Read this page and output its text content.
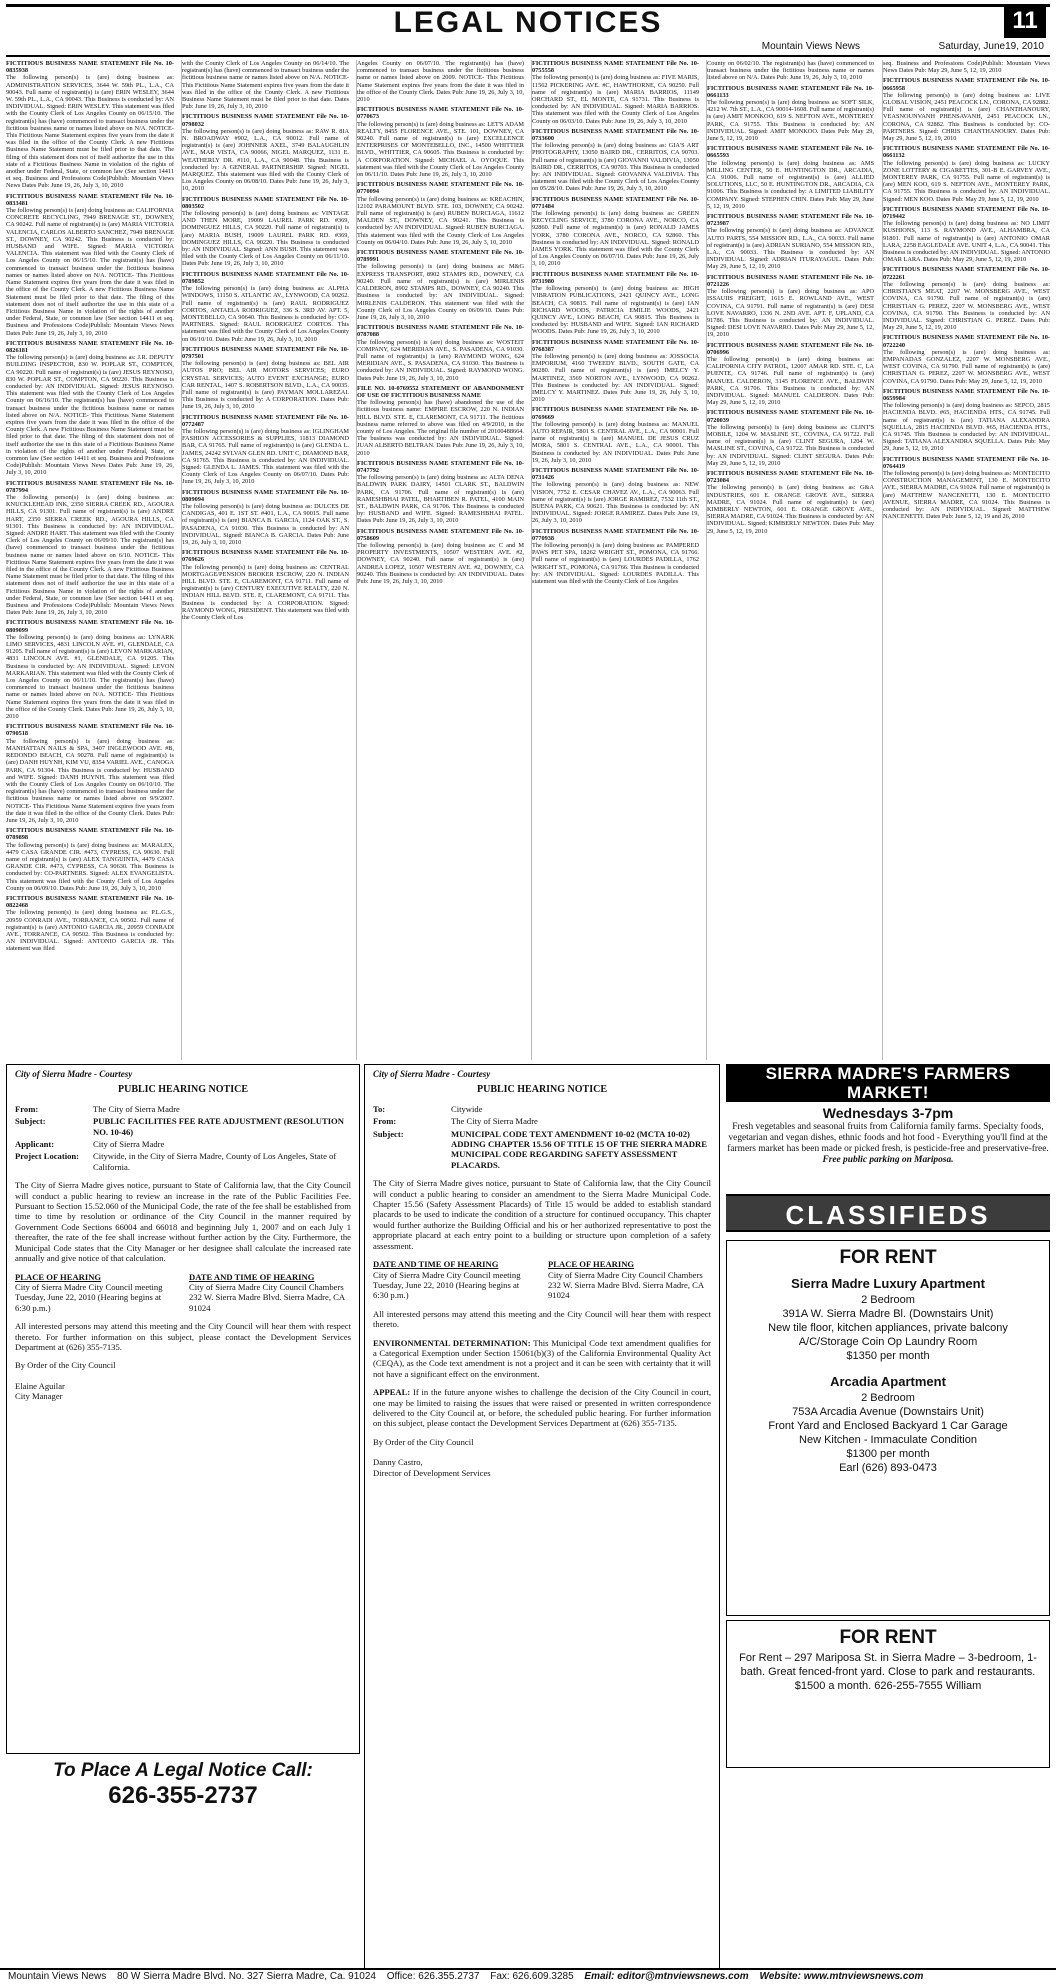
LEGAL NOTICES	11
Mountain Views News	Saturday, June19, 2010
FICTITIOUS BUSINESS NAME STATEMENT File No. 10-0835938
The following person(s) is (are) doing business as: ADMINISTRATION SERVICES, 3644 W. 59th PL., L.A., CA 90043. Full name of registrant(s) is (are) ERIN WESLEY, 3644 W. 59th PL., L.A., CA 90043. This Business is conducted by: AN INDIVIDUAL. Signed: ERIN WESLEY. This statement was filed with the County Clerk of Los Angeles County on 06/15/10. The registrant(s) has (have) commenced to transact business under the fictitious business name or names listed above on N/A. NOTICE- This Fictitious Name Statement expires five years from the date it was filed in the office of the County Clerk. A new Fictitious Business Name Statement must be filed prior to that date. The filing of this statement does not of itself authorize the use in this state of a Fictitious Business Name in violation of the rights of another under Federal, State, or common law (See section 14411 et seq. Business and Professions Code)Publish: Mountain Views News Dates Pub: June 19, 26, July 3, 10, 2010
FICTITIOUS BUSINESS NAME STATEMENT File No. 10-0833481
The following person(s) is (are) doing business as: CALIFORNIA CONCRETE RECYCLING, 7949 BRENAGE ST., DOWNEY, CA 90242. Full name of registrant(s) is (are) MARIA VICTORIA VALENCIA, CARLOS ALBERTO SANCHEZ, 7949 BRENAGE ST., DOWNEY, CA 90242. This Business is conducted by: HUSBAND and WIFE. Signed: MARIA VICTORIA VALENCIA. This statement was filed with the County Clerk of Los Angeles County on 06/15/10. The registrant(s) has (have) commenced to transact business under the fictitious business names or names listed above on N/A. NOTICE- This Fictitious Name Statement expires five years from the date it was filed in the office of the County Clerk. A new Fictitious Business Name Statement must be filed prior to that date. The filing of this statement does not of itself authorize the use in this state of a Fictitious Business Name in violation of the rights of another under Federal, State, or common law (See section 14411 et seq. Business and Professions Code)Publish: Mountain Views News Dates Pub: June 19, 26, July 3, 10, 2010
FICTITIOUS BUSINESS NAME STATEMENT File No. 10-0826181
The following person(s) is (are) doing business as: J.R. DEPUTY BUILDING INSPECTOR, 830 W. POPLAR ST., COMPTON, CA 90220. Full name of registrant(s) is (are) JESUS REYNOSO, 830 W. POPLAR ST., COMPTON, CA 90220. This Business is conducted by: AN INDIVIDUAL. Signed: JESUS REYNOSO. This statement was filed with the County Clerk of Los Angeles County on 06/16/10. The registrant(s) has (have) commenced to transact business under the fictitious business name or names listed above on N/A. NOTICE- This Fictitious Name Statement expires five years from the date it was filed in the office of the County Clerk. A new Fictitious Business Name Statement must be filed prior to that date. The filing of this statement does not of itself authorize the use in this state of a Fictitious Business Name in violation of the rights of another under Federal, State, or common law (See section 14411 et seq. Business and Professions Code)Publish: Mountain Views News Dates Pub: June 19, 26, July 3, 10, 2010
FICTITIOUS BUSINESS NAME STATEMENT File No. 10-0787994
The following person(s) is (are) doing business as: KNUCKLEHEAD INK, 2350 SIERRA CREEK RD., AGOURA HILLS, CA 91301. Full name of registrant(s) is (are) ANDRE HART, 2350 SIERRA CREEK RD., AGOURA HILLS, CA 91301. This Business is conducted by: AN INDIVIDUAL. Signed: ANDRE HART. This statement was filed with the County Clerk of Los Angeles County on 06/09/10. The registrant(s) has (have) commenced to transact business under the fictitious business name or names listed above on 6/10. NOTICE- This Fictitious Name Statement expires five years from the date it was filed in the office of the County Clerk. A new Fictitious Business Name Statement must be filed prior to that date. The filing of this statement does not of itself authorize the use in this state of a Fictitious Business Name in violation of the rights of another under Federal, State, or common law (See section 14411 et seq. Business and Professions Code)Publish: Mountain Views News Dates Pub: June 19, 26, July 3, 10, 2010
FICTITIOUS BUSINESS NAME STATEMENT File No. 10-0809099
The following person(s) is (are) doing business as: LYNARK LIMO SERVICES, 4831 LINCOLN AVE. #1, GLENDALE, CA 91205. Full name of registrant(s) is (are) LEVON MARKARIAN, 4831 LINCOLN AVE. #1, GLENDALE, CA 91205. This Business is conducted by: AN INDIVIDUAL. Signed: LEVON MARKARIAN. This statement was filed with the County Clerk of Los Angeles County on 06/11/10. The registrant(s) has (have) commenced to transact business under the fictitious business name or names listed above on N/A. NOTICE- This Fictitious Name Statement expires five years from the date it was filed in the office of the County Clerk. Dates Pub: June 19, 26, July 3, 10, 2010
FICTITIOUS BUSINESS NAME STATEMENT File No. 10-0790518
The following person(s) is (are) doing business as: MANHATTAN NAILS & SPA, 3407 INGLEWOOD AVE. #B, REDONDO BEACH, CA 90278. Full name of registrant(s) is (are) DANH HUYNH, KIM VU, 8354 VARIEL AVE., CANOGA PARK, CA 91304. This Business is conducted by: HUSBAND and WIFE. Signed: DANH HUYNH. This statement was filed with the County Clerk of Los Angeles County on 06/10/10. The registrant(s) has (have) commenced to transact business under the fictitious business name or names listed above on 9/9/2007. NOTICE- This Fictitious Name Statement expires five years from the date it was filed in the office of the County Clerk. Dates Pub: June 19, 26, July 3, 10, 2010
FICTITIOUS BUSINESS NAME STATEMENT File No. 10-0789898
The following person(s) is (are) doing business as: MARALEX, 4479 CASA GRANDE CIR. #473, CYPRESS, CA 90630. Full name of registrant(s) is (are) ALEX TANGUINTA, 4479 CASA GRANDE CIR. #473, CYPRESS, CA 90630. This Business is conducted by: CO-PARTNERS. Signed: ALEX EVANGELISTA. This statement was filed with the County Clerk of Los Angeles County on 06/09/10. Dates Pub: June 19, 26, July 3, 10, 2010
FICTITIOUS BUSINESS NAME STATEMENT File No. 10-0822468
The following person(s) is (are) doing business as: P.L.G.S., 20959 CONRADI AVE., TORRANCE, CA 90502. Full name of registrant(s) is (are) ANTONIO GARCIA JR., 20959 CONRADI AVE., TORRANCE, CA 90502. This Business is conducted by: AN INDIVIDUAL. Signed: ANTONIO GARCIA JR. This statement was filed
with the County Clerk of Los Angeles County on 06/14/10. The registrant(s) has (have) commenced to transact business under the fictitious business name or names listed above on N/A. NOTICE- This Fictitious Name Statement expires five years from the date it was filed in the office of the County Clerk. A new Fictitious Business Name Statement must be filed prior to that date. Dates Pub: June 19, 26, July 3, 10, 2010
FICTITIOUS BUSINESS NAME STATEMENT File No. 10-0798032
The following person(s) is (are) doing business as: RAW R. 8IA N. BROADWAY #902, L.A., CA 90012. Full name of registrant(s) is (are) JOHNNER AXEL, 3749 BALAUGHLIN AVE., MAR VISTA, CA 90066, NIGEL MARQUEZ, 1131 E. WEATHERLY DR. #110, L.A., CA 90048. This Business is conducted by: A GENERAL PARTNERSHIP. Signed: NIGEL MARQUEZ. This statement was filed with the County Clerk of Los Angeles County on 06/08/10. Dates Pub: June 19, 26, July 3, 10, 2010
FICTITIOUS BUSINESS NAME STATEMENT File No. 10-0803502
The following person(s) is (are) doing business as: VINTAGE AND THEN MORE, 19009 LAUREL PARK RD. #369, DOMINGUEZ HILLS, CA 90220. Full name of registrant(s) is (are) MARIA BUSH, 19009 LAUREL PARK RD. #369, DOMINGUEZ HILLS, CA 90220. This Business is conducted by: AN INDIVIDUAL. Signed: ANN BUSH. This statement was filed with the County Clerk of Los Angeles County on 06/11/10. Dates Pub: June 19, 26, July 3, 10, 2010
FICTITIOUS BUSINESS NAME STATEMENT File No. 10-0789852
The following person(s) is (are) doing business as: ALPHA WINDOWS, 11150 S. ATLANTIC AV., LYNWOOD, CA 90262. Full name of registrant(s) is (are) RAUL RODRIGUEZ CORTOS, ANTAELA RODRIGUEZ, 336 S. 3RD AV. APT. 5, MONTEBELLO, CA 90640. This Business is conducted by: CO-PARTNERS. Signed: RAUL RODRIGUEZ CORTOS. This statement was filed with the County Clerk of Los Angeles County on 06/10/10. Dates Pub: June 19, 26, July 3, 10, 2010
FICTITIOUS BUSINESS NAME STATEMENT File No. 10-0797501
The following person(s) is (are) doing business as: BEL AIR AUTOS PRO; BEL AIR MOTORS SERVICES; EURO CRYSTAL SERVICES; AUTO EVENT EXCHANGE; EURO CAR RENTAL, 1407 S. ROBERTSON BLVD., L.A., CA 90035. Full name of registrant(s) is (are) PAYMAN MOLLAREZAI. This Business is conducted by: A CORPORATION. Dates Pub: June 19, 26, July 3, 10, 2010
FICTITIOUS BUSINESS NAME STATEMENT File No. 10-0772487
The following person(s) is (are) doing business as: IGLINGHAM FASHION ACCESSORIES & SUPPLIES, 11813 DIAMOND BAR, CA 91765. Full name of registrant(s) is (are) GLENDA L. JAMES, 24242 SYLVAN GLEN RD. UNIT C, DIAMOND BAR, CA 91765. This Business is conducted by: AN INDIVIDUAL. Signed: GLENDA L. JAMES. This statement was filed with the County Clerk of Los Angeles County on 06/07/10. Dates Pub: June 19, 26, July 3, 10, 2010
FICTITIOUS BUSINESS NAME STATEMENT File No. 10-0809094
The following person(s) is (are) doing business as: DULCES DE CANDIGAS, 401 E. 1ST ST. #401, L.A., CA 90015. Full name of registrant(s) is (are) BIANCA B. GARCIA, 1124 OAK ST., S. PASADENA, CA 91030. This Business is conducted by: AN INDIVIDUAL. Signed: BIANCA B. GARCIA. Dates Pub: June 19, 26, July 3, 10, 2010
FICTITIOUS BUSINESS NAME STATEMENT File No. 10-0769626
The following person(s) is (are) doing business as: CENTRAL MORTGAGE/PENSION BROKER ESCROW, 220 N. INDIAN HILL BLVD. STE. E, CLAREMONT, CA 91711. Full name of registrant(s) is (are) CENTURY EXECUTIVE REALTY, 220 N. INDIAN HILL BLVD. STE. E, CLAREMONT, CA 91711. This Business is conducted by: A CORPORATION. Signed: RAYMOND WONG, PRESIDENT. This statement was filed with the County Clerk of Los
Angeles County on 06/07/10. The registrant(s) has (have) commenced to transact business under the fictitious business name or names listed above on 2009. NOTICE- This Fictitious Name Statement expires five years from the date it was filed in the office of the County Clerk. Dates Pub: June 19, 26, July 3, 10, 2010
FICTITIOUS BUSINESS NAME STATEMENT File No. 10-0770673
The following person(s) is (are) doing business as: LET'S ADAM REALTY, 8455 FLORENCE AVE., STE. 101, DOWNEY, CA 90240. Full name of registrant(s) is (are) EXCELLENCE ENTERPRISES OF MONTEBELLO, INC., 14500 WHITTIER BLVD., WHITTIER, CA 90605. This Business is conducted by: A CORPORATION. Signed: MICHAEL A. OYOQUE. This statement was filed with the County Clerk of Los Angeles County on 06/11/10. Dates Pub: June 19, 26, July 3, 10, 2010
FICTITIOUS BUSINESS NAME STATEMENT File No. 10-0770094
The following person(s) is (are) doing business as: KREACHIN, 12102 PARAMOUNT BLVD. STE. 103, DOWNEY, CA 90242. Full name of registrant(s) is (are) RUBEN BURCIAGA, 11612 MALDEN ST., DOWNEY, CA 90241. This Business is conducted by: AN INDIVIDUAL. Signed: RUBEN BURCIAGA. This statement was filed with the County Clerk of Los Angeles County on 06/04/10. Dates Pub: June 19, 26, July 3, 10, 2010
FICTITIOUS BUSINESS NAME STATEMENT File No. 10-0789991
The following person(s) is (are) doing business as: M&G EXPRESS TRANSPORT, 8902 STAMPS RD., DOWNEY, CA 90240. Full name of registrant(s) is (are) MIRLENIS CALDERON, 8902 STAMPS RD., DOWNEY, CA 90240. This Business is conducted by: AN INDIVIDUAL. Signed: MIRLENIS CALDERON. This statement was filed with the County Clerk of Los Angeles County on 06/09/10. Dates Pub: June 19, 26, July 3, 10, 2010
FICTITIOUS BUSINESS NAME STATEMENT File No. 10-0787088
The following person(s) is (are) doing business as: WOSTEIT COMPANY, 624 MERIDIAN AVE., S. PASADENA, CA 91030. Full name of registrant(s) is (are) RAYMOND WONG, 624 MERIDIAN AVE., S. PASADENA, CA 91030. This Business is conducted by: AN INDIVIDUAL. Signed: RAYMOND WONG. Dates Pub: June 19, 26, July 3, 10, 2010
FILE NO. 10-0769552 STATEMENT OF ABANDONMENT OF USE OF FICTITIOUS BUSINESS NAME
The following person(s) has (have) abandoned the use of the fictitious business name: EMPIRE ESCROW, 220 N. INDIAN HILL BLVD. STE. E, CLAREMONT, CA 91711. The fictitious business name referred to above was filed on 4/9/2010, in the county of Los Angeles. The original file number of 20100488664. The business was conducted by: AN INDIVIDUAL. Signed: JUAN ALBERTO BELTRAN. Dates Pub: June 19, 26, July 3, 10, 2010
FICTITIOUS BUSINESS NAME STATEMENT File No. 10-0747792
The following person(s) is (are) doing business as: ALTA DENA BALDWIN PARK DAIRY, 14501 CLARK ST., BALDWIN PARK, CA 91706. Full name of registrant(s) is (are) RAMESHBHAI PATEL, BHARTIBEN R. PATEL, 4100 MAIN ST., BALDWIN PARK, CA 91706. This Business is conducted by: HUSBAND and WIFE. Signed: RAMESHBHAI PATEL. Dates Pub: June 19, 26, July 3, 10, 2010
FICTITIOUS BUSINESS NAME STATEMENT File No. 10-0758609
The following person(s) is (are) doing business as: C and M PROPERTY INVESTMENTS, 10507 WESTERN AVE. #2, DOWNEY, CA 90240. Full name of registrant(s) is (are) ANDREA LOPEZ, 10507 WESTERN AVE. #2, DOWNEY, CA 90240. This Business is conducted by: AN INDIVIDUAL. Dates Pub: June 19, 26, July 3, 10, 2010
FICTITIOUS BUSINESS NAME STATEMENT File No. 10-0755558
The following person(s) is (are) doing business as: FIVE MARIS, 11562 PICKERING AVE. #C, HAWTHORNE, CA 90250. Full name of registrant(s) is (are) MARIA BARRIOS, 11149 ORCHARD ST., EL MONTE, CA 91731. This Business is conducted by: AN INDIVIDUAL. Signed: MARIA BARRIOS. This statement was filed with the County Clerk of Los Angeles County on 06/03/10. Dates Pub: June 19, 26, July 3, 10, 2010
FICTITIOUS BUSINESS NAME STATEMENT File No. 10-0733600
The following person(s) is (are) doing business as: GIA'S ART PHOTOGRAPHY, 13050 BAIRD DR., CERRITOS, CA 90703. Full name of registrant(s) is (are) GIOVANNI VALDIVIA, 13050 BAIRD DR., CERRITOS, CA 90703. This Business is conducted by: AN INDIVIDUAL. Signed: GIOVANNA VALDIVIA. This statement was filed with the County Clerk of Los Angeles County on 05/28/10. Dates Pub: June 19, 26, July 3, 10, 2010
FICTITIOUS BUSINESS NAME STATEMENT File No. 10-0771484
The following person(s) is (are) doing business as: GREEN RECYCLING SERVICE, 3780 CORONA AVE., NORCO, CA 92860. Full name of registrant(s) is (are) RONALD JAMES YORK, 3780 CORONA AVE., NORCO, CA 92860. This Business is conducted by: AN INDIVIDUAL. Signed: RONALD JAMES YORK. This statement was filed with the County Clerk of Los Angeles County on 06/07/10. Dates Pub: June 19, 26, July 3, 10, 2010
FICTITIOUS BUSINESS NAME STATEMENT File No. 10-0731980
The following person(s) is (are) doing business as: HIGH VIBRATION PUBLICATIONS, 2421 QUINCY AVE., LONG BEACH, CA 90815. Full name of registrant(s) is (are) IAN RICHARD WOODS, PATRICIA EMILIE WOODS, 2421 QUINCY AVE., LONG BEACH, CA 90815. This Business is conducted by: HUSBAND and WIFE. Signed: IAN RICHARD WOODS. Dates Pub: June 19, 26, July 3, 10, 2010
FICTITIOUS BUSINESS NAME STATEMENT File No. 10-0768387
The following person(s) is (are) doing business as: JOSSOCIA EMPORIUM, 4160 TWEEDY BLVD., SOUTH GATE, CA 90280. Full name of registrant(s) is (are) IMELCY Y. MARTINEZ, 3569 NORTON AVE., LYNWOOD, CA 90262. This Business is conducted by: AN INDIVIDUAL. Signed: IMELCY Y. MARTINEZ. Dates Pub: June 19, 26, July 3, 10, 2010
FICTITIOUS BUSINESS NAME STATEMENT File No. 10-0769669
The following person(s) is (are) doing business as: MANUEL AUTO REPAIR, 5801 S. CENTRAL AVE., L.A., CA 90001. Full name of registrant(s) is (are) MANUEL DE JESUS CRUZ MORA, 5801 S. CENTRAL AVE., L.A., CA 90001. This Business is conducted by: AN INDIVIDUAL. Dates Pub: June 19, 26, July 3, 10, 2010
FICTITIOUS BUSINESS NAME STATEMENT File No. 10-0731426
The following person(s) is (are) doing business as: NEW VISION, 7752 E. CESAR CHAVEZ AV., L.A., CA 90063. Full name of registrant(s) is (are) JORGE RAMIREZ, 7532 11th ST., BUENA PARK, CA 90621. This Business is conducted by: AN INDIVIDUAL. Signed: JORGE RAMIREZ. Dates Pub: June 19, 26, July 3, 10, 2010
FICTITIOUS BUSINESS NAME STATEMENT File No. 10-0770938
The following person(s) is (are) doing business as: PAMPERED PAWS PET SPA, 18262 WRIGHT ST., POMONA, CA 91766. Full name of registrant(s) is (are) LOURDES PADILLA, 1762 WRIGHT ST., POMONA, CA 91766. This Business is conducted by: AN INDIVIDUAL. Signed: LOURDES PADILLA. This statement was filed with the County Clerk of Los Angeles
County on 06/02/10. The registrant(s) has (have) commenced to transact business under the fictitious business name or names listed above on N/A. Dates Pub: June 19, 26, July 3, 10, 2010
FICTITIOUS BUSINESS NAME STATEMENT File No. 10-0661133
The following person(s) is (are) doing business as: SOFT SILK, 4212 W. 7th ST., L.A., CA 90014-1608. Full name of registrant(s) is (are) AMIT MONKOO, 619 S. NEFTON AVE., MONTEREY PARK, CA 91755. This Business is conducted by: AN INDIVIDUAL. Signed: AMIT MONKOO. Dates Pub: May 29, June 5, 12, 19, 2010
FICTITIOUS BUSINESS NAME STATEMENT File No. 10-0665593
The following person(s) is (are) doing business as: AMS MILLING CENTER, 50 E. HUNTINGTON DR., ARCADIA, CA 91006. Full name of registrant(s) is (are) ALLIED SOLUTIONS, LLC, 50 E. HUNTINGTON DR., ARCADIA, CA 91006. This Business is conducted by: A LIMITED LIABILITY COMPANY. Signed: STEPHEN CHIN. Dates Pub: May 29, June 5, 12, 19, 2010
FICTITIOUS BUSINESS NAME STATEMENT File No. 10-0723987
The following person(s) is (are) doing business as: ADVANCE AUTO PARTS, 554 MISSION RD., L.A., CA 90033. Full name of registrant(s) is (are) ADRIAN SURIANO, 554 MISSION RD., L.A., CA 90033. This Business is conducted by: AN INDIVIDUAL. Signed: ADRIAN ITURAYAGUL. Dates Pub: May 29, June 5, 12, 19, 2010
FICTITIOUS BUSINESS NAME STATEMENT File No. 10-0721226
The following person(s) is (are) doing business as: APO ISSAUIIS FREIGHT, 1615 E. ROWLAND AVE., WEST COVINA, CA 91791. Full name of registrant(s) is (are) DESI LOVE NAVARRO, 1336 N. 2ND AVE. APT. F, UPLAND, CA 91786. This Business is conducted by: AN INDIVIDUAL. Signed: DESI LOVE NAVARRO. Dates Pub: May 29, June 5, 12, 19, 2010
FICTITIOUS BUSINESS NAME STATEMENT File No. 10-0706996
The following person(s) is (are) doing business as: CALIFORNIA CITY PATROL, 12007 AMAR RD. STE. C, LA PUENTE, CA 91746. Full name of registrant(s) is (are) MANUEL CALDERON, 3145 FLORENCE AVE., BALDWIN PARK, CA 91706. This Business is conducted by: AN INDIVIDUAL. Signed: MANUEL CALDERON. Dates Pub: May 29, June 5, 12, 19, 2010
FICTITIOUS BUSINESS NAME STATEMENT File No. 10-0720039
The following person(s) is (are) doing business as: CLINT'S MOBILE, 1204 W. MASLINE ST., COVINA, CA 91722. Full name of registrant(s) is (are) CLINT SEGURA, 1204 W. MASLINE ST., COVINA, CA 91722. This Business is conducted by: AN INDIVIDUAL. Signed: CLINT SEGURA. Dates Pub: May 29, June 5, 12, 19, 2010
FICTITIOUS BUSINESS NAME STATEMENT File No. 10-0723084
The following person(s) is (are) doing business as: G&A INDUSTRIES, 601 E. ORANGE GROVE AVE., SIERRA MADRE, CA 91024. Full name of registrant(s) is (are) KIMBERLY NEWTON, 601 E. ORANGE GROVE AVE., SIERRA MADRE, CA 91024. This Business is conducted by: AN INDIVIDUAL. Signed: KIMBERLY NEWTON. Dates Pub: May 29, June 5, 12, 19, 2010
seq. Business and Professions Code)Publish: Mountain Views News Dates Pub: May 29, June 5, 12, 19, 2010
FICTITIOUS BUSINESS NAME STATEMENT File No. 10-0665958
The following person(s) is (are) doing business as: LIVE GLOBAL VISION, 2451 PEACOCK LN., CORONA, CA 92882. Full name of registrant(s) is (are) CHANTHANOURY, VEASNOUNVANH PHENSAVANH, 2451 PEACOCK LN., CORONA, CA 92882. This Business is conducted by: CO-PARTNERS. Signed: CHRIS CHANTHANOURY. Dates Pub: May 29, June 5, 12, 19, 2010
FICTITIOUS BUSINESS NAME STATEMENT File No. 10-0661132
The following person(s) is (are) doing business as: LUCKY ZONE LOTTERY & CIGARETTES, 301-B E. GARVEY AVE., MONTEREY PARK, CA 91755. Full name of registrant(s) is (are) MEN KOO, 619 S. NEFTON AVE., MONTEREY PARK, CA 91755. This Business is conducted by: AN INDIVIDUAL. Signed: MEN KOO. Dates Pub: May 29, June 5, 12, 19, 2010
FICTITIOUS BUSINESS NAME STATEMENT File No. 10-0719442
The following person(s) is (are) doing business as: NO LIMIT KUSHIONS, 113 S. RAYMOND AVE., ALHAMBRA, CA 91801. Full name of registrant(s) is (are) ANTONIO OMAR LARA, 2258 EAGLEDALE AVE. UNIT 4, L.A., CA 90041. This Business is conducted by: AN INDIVIDUAL. Signed: ANTONIO OMAR LARA. Dates Pub: May 29, June 5, 12, 19, 2010
FICTITIOUS BUSINESS NAME STATEMENT File No. 10-0722261
The following person(s) is (are) doing business as: CHRISTIAN'S MEAT, 2207 W. MONSBERG AVE., WEST COVINA, CA 91790. Full name of registrant(s) is (are) CHRISTIAN G. PEREZ, 2207 W. MONSBERG AVE., WEST COVINA, CA 91790. This Business is conducted by: AN INDIVIDUAL. Signed: CHRISTIAN G. PEREZ. Dates Pub: May 29, June 5, 12, 19, 2010
FICTITIOUS BUSINESS NAME STATEMENT File No. 10-0722240
The following person(s) is (are) doing business as: EMPANADAS GONZALEZ, 2207 W. MONSBERG AVE., WEST COVINA, CA 91790. Full name of registrant(s) is (are) CHRISTIAN G. PEREZ, 2207 W. MONSBERG AVE., WEST COVINA, CA 91790. Dates Pub: May 29, June 5, 12, 19, 2010
FICTITIOUS BUSINESS NAME STATEMENT File No. 10-0659984
The following person(s) is (are) doing business as: SEPCO, 2815 HACIENDA BLVD. #65, HACIENDA HTS., CA 91745. Full name of registrant(s) is (are) TATIANA ALEXANDRA SQUELLA, 2815 HACIENDA BLVD. #65, HACIENDA HTS., CA 91745. This Business is conducted by: AN INDIVIDUAL. Signed: TATIANA ALEXANDRA SQUELLA. Dates Pub: May 29, June 5, 12, 19, 2010
FICTITIOUS BUSINESS NAME STATEMENT File No. 10-0764419
The following person(s) is (are) doing business as: MONTECITO CONSTRUCTION MANAGEMENT, 130 E. MONTECITO AVE., SIERRA MADRE, CA 91024. Full name of registrant(s) is (are) MATTHEW NANCENETTI, 130 E. MONTECITO AVENUE, SIERRA MADRE, CA 91024. This Business is conducted by: AN INDIVIDUAL. Signed: MATTHEW NANCENETTI. Dates Pub: June 5, 12, 19 and 26, 2010
City of Sierra Madre - Courtesy
PUBLIC HEARING NOTICE
From:	The City of Sierra Madre
Subject:	PUBLIC FACILITIES FEE RATE ADJUSTMENT (RESOLUTION NO. 10-46)
Applicant:	City of Sierra Madre
Project Location:	Citywide, in the City of Sierra Madre, County of Los Angeles, State of California.

The City of Sierra Madre gives notice, pursuant to State of California law, that the City Council will conduct a public hearing to review an increase in the rate of the Public Facilities Fee. Pursuant to Section 15.52.060 of the Municipal Code, the rate of the fee shall be established from time to time by resolution or ordinance of the City Council in the manner required by Government Code Sections 66004 and 66018 and beginning July 1, 2007 and on each July 1 thereafter, the rate of the fee shall increase without further action by the City. Furthermore, the Municipal Code states that the City Manager or her designee shall calculate the increased rate annually and give notice of that calculation.

PLACE OF HEARING
City of Sierra Madre City Council meeting Tuesday, June 22, 2010 (Hearing begins at 6:30 p.m.)
DATE AND TIME OF HEARING
City of Sierra Madre City Council Chambers 232 W. Sierra Madre Blvd. Sierra Madre, CA 91024

All interested persons may attend this meeting and the City Council will hear them with respect thereto. For further information on this subject, please contact the Development Services Department at (626) 355-7135.

By Order of the City Council
Elaine Aguilar
City Manager
To Place A Legal Notice Call:
626-355-2737
City of Sierra Madre - Courtesy
PUBLIC HEARING NOTICE
To:	Citywide
From:	The City of Sierra Madre
Subject:	MUNICIPAL CODE TEXT AMENDMENT 10-02 (MCTA 10-02) ADDING CHAPTER 15.56 OF TITLE 15 OF THE SIERRA MADRE MUNICIPAL CODE REGARDING SAFETY ASSESSMENT PLACARDS.

The City of Sierra Madre gives notice, pursuant to State of California law, that the City Council will conduct a public hearing to consider an amendment to the Sierra Madre Municipal Code. Chapter 15.56 (Safety Assessment Placards) of Title 15 would be added to establish standard placards to be used to indicate the condition of a structure for continued occupancy. This chapter would further authorize the Building Official and his or her authorized representative to post the appropriate placard at each entry point to a building or structure upon completion of a safety assessment.

DATE AND TIME OF HEARING
City of Sierra Madre City Council meeting Tuesday, June 22, 2010 (Hearing begins at 6:30 p.m.)
PLACE OF HEARING
City of Sierra Madre City Council Chambers 232 W. Sierra Madre Blvd. Sierra Madre, CA 91024

All interested persons may attend this meeting and the City Council will hear them with respect thereto.

ENVIRONMENTAL DETERMINATION: This Municipal Code text amendment qualifies for a Categorical Exemption under Section 15061(b)(3) of the California Environmental Quality Act (CEQA), as the Code text amendment is not a project and it can be seen with certainty that it will not have a significant effect on the environment.

APPEAL: If in the future anyone wishes to challenge the decision of the City Council in court, one may be limited to raising the issues that were raised or presented in written correspondence delivered to the City Council at, or before, the scheduled public hearing. For further information on this subject, please contact the Development Services Department at (626) 355-7135.

By Order of the City Council
Danny Castro,
Director of Development Services
SIERRA MADRE'S FARMERS
MARKET!
Wednesdays 3-7pm
Fresh vegetables and seasonal fruits from California family farms. Specialty foods, vegetarian and vegan dishes, ethnic foods and hot food - Everything you'll find at the farmers market has been made or picked fresh, is pesticide-free and preservative-free. Free public parking on Mariposa.
CLASSIFIEDS
FOR RENT
Sierra Madre Luxury Apartment
2 Bedroom
391A W. Sierra Madre Bl. (Downstairs Unit)
New tile floor, kitchen appliances, private balcony
A/C/Storage Coin Op Laundry Room
$1350 per month
Arcadia Apartment
2 Bedroom
753A Arcadia Avenue (Downstairs Unit)
Front Yard and Enclosed Backyard 1 Car Garage
New Kitchen - Immaculate Condition
$1300 per month
Earl (626) 893-0473
FOR RENT
For Rent – 297 Mariposa St. in Sierra Madre – 3-bedroom, 1-bath. Great fenced-front yard. Close to park and restaurants. $1500 a month. 626-255-7555 William
Mountain Views News 80 W Sierra Madre Blvd. No. 327 Sierra Madre, Ca. 91024 Office: 626.355.2737 Fax: 626.609.3285 Email: editor@mtnviewsnews.com Website: www.mtnviewsnews.com
